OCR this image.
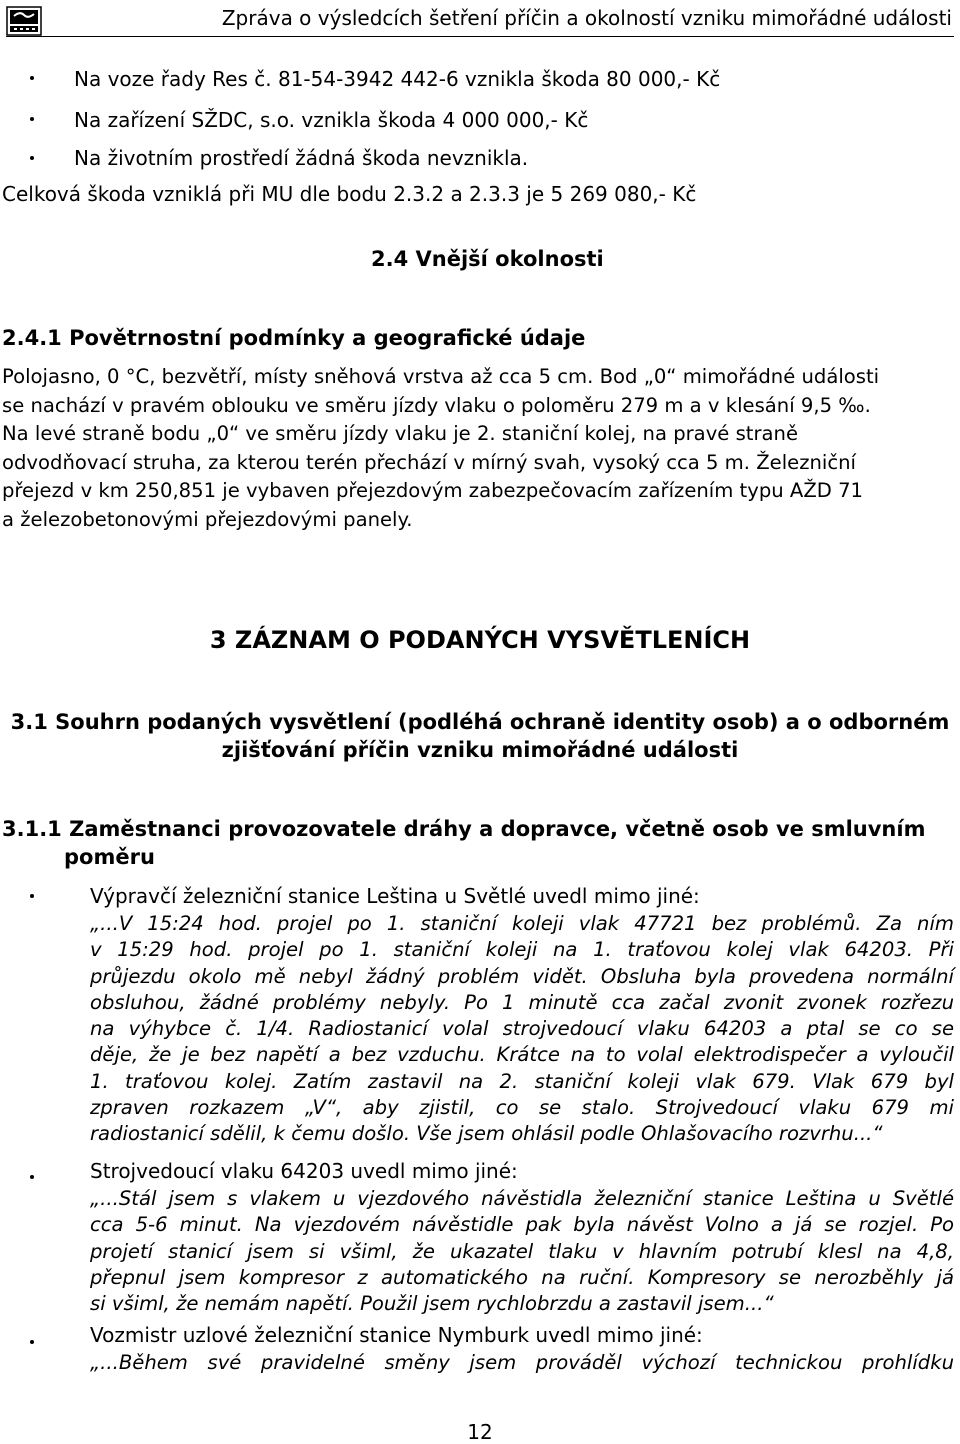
Zpráva o výsledcích šetření příčin a okolností vzniku mimořádné události
Na voze řady Res č. 81-54-3942 442-6 vznikla škoda 80 000,- Kč
Na zařízení SŽDC, s.o. vznikla škoda 4 000 000,- Kč
Na životním prostředí žádná škoda nevznikla.
Celková škoda vzniklá při MU dle bodu 2.3.2 a 2.3.3 je 5 269 080,- Kč
2.4 Vnější okolnosti
2.4.1 Povětrnostní podmínky a geografické údaje
Polojasno, 0 °C, bezvětří, místy sněhová vrstva až cca 5 cm. Bod „0“ mimořádné události
se nachází v pravém oblouku ve směru jízdy vlaku o poloměru 279 m a v klesání 9,5 ‰.
Na levé straně bodu „0“ ve směru jízdy vlaku je 2. staniční kolej, na pravé straně
odvodňovací struha, za kterou terén přechází v mírný svah, vysoký cca 5 m. Železniční
přejezd v km 250,851 je vybaven přejezdovým zabezpečovacím zařízením typu AŽD 71
a železobetonovými přejezdovými panely.
3 ZÁZNAM O PODANÝCH VYSVĚTLENÍCH
3.1 Souhrn podaných vysvětlení (podléhá ochraně identity osob) a o odborném
zjišťování příčin vzniku mimořádné události
3.1.1 Zaměstnanci provozovatele dráhy a dopravce, včetně osob ve smluvním
poměru
Výpravčí železniční stanice Leština u Světlé uvedl mimo jiné:
„...V 15:24 hod. projel po 1. staniční koleji vlak 47721 bez problémů. Za ním
v 15:29 hod. projel po 1. staniční koleji na 1. traťovou kolej vlak 64203. Při
průjezdu okolo mě nebyl žádný problém vidět. Obsluha byla provedena normální
obsluhou, žádné problémy nebyly. Po 1 minutě cca začal zvonit zvonek rozřezu
na výhybce č. 1/4. Radiostanicí volal strojvedoucí vlaku 64203 a ptal se co se
děje, že je bez napětí a bez vzduchu. Krátce na to volal elektrodispečer a vyloučil
1. traťovou kolej. Zatím zastavil na 2. staniční koleji vlak 679. Vlak 679 byl
zpraven rozkazem „V“, aby zjistil, co se stalo. Strojvedoucí vlaku 679 mi
radiostanicí sdělil, k čemu došlo. Vše jsem ohlásil podle Ohlašovacího rozvrhu...“
Strojvedoucí vlaku 64203 uvedl mimo jiné:
„...Stál jsem s vlakem u vjezdového návěstidla železniční stanice Leština u Světlé
cca 5-6 minut. Na vjezdovém návěstidle pak byla návěst Volno a já se rozjel. Po
projetí stanicí jsem si všiml, že ukazatel tlaku v hlavním potrubí klesl na 4,8,
přepnul jsem kompresor z automatického na ruční. Kompresory se nerozběhly já
si všiml, že nemám napětí. Použil jsem rychlobrzdu a zastavil jsem...“
Vozmistr uzlové železniční stanice Nymburk uvedl mimo jiné:
„...Během své pravidelné směny jsem prováděl výchozí technickou prohlídku
12
